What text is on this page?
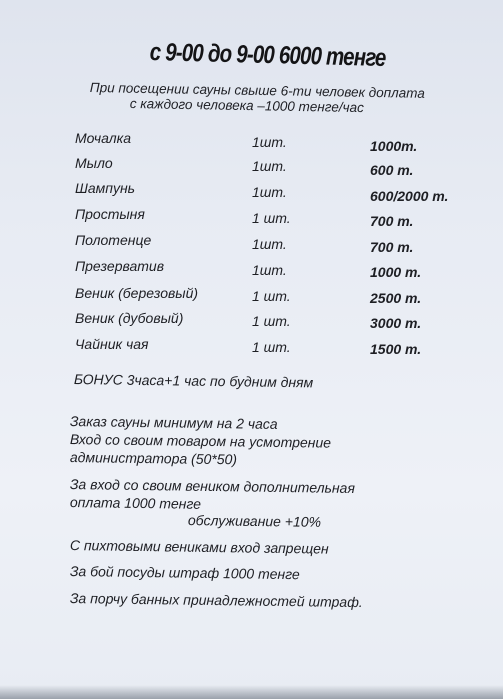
с 9-00 до 9-00 6000 тенге
При посещении сауны свыше 6-ти человек доплата
с каждого человека –1000 тенге/час
Мочалка	1шт.	1000т.
Мыло	1шт.	600 т.
Шампунь	1шт.	600/2000 т.
Простыня	1 шт.	700 т.
Полотенце	1шт.	700 т.
Презерватив	1шт.	1000 т.
Веник (березовый)	1 шт.	2500 т.
Веник (дубовый)	1 шт.	3000 т.
Чайник чая	1 шт.	1500 т.
БОНУС 3часа+1 час по будним дням
Заказ сауны минимум на 2 часа
Вход со своим товаром на усмотрение
администратора (50*50)
За вход со своим веником дополнительная
оплата 1000 тенге
обслуживание +10%
С пихтовыми вениками вход запрещен
За бой посуды штраф 1000 тенге
За порчу банных принадлежностей штраф.
